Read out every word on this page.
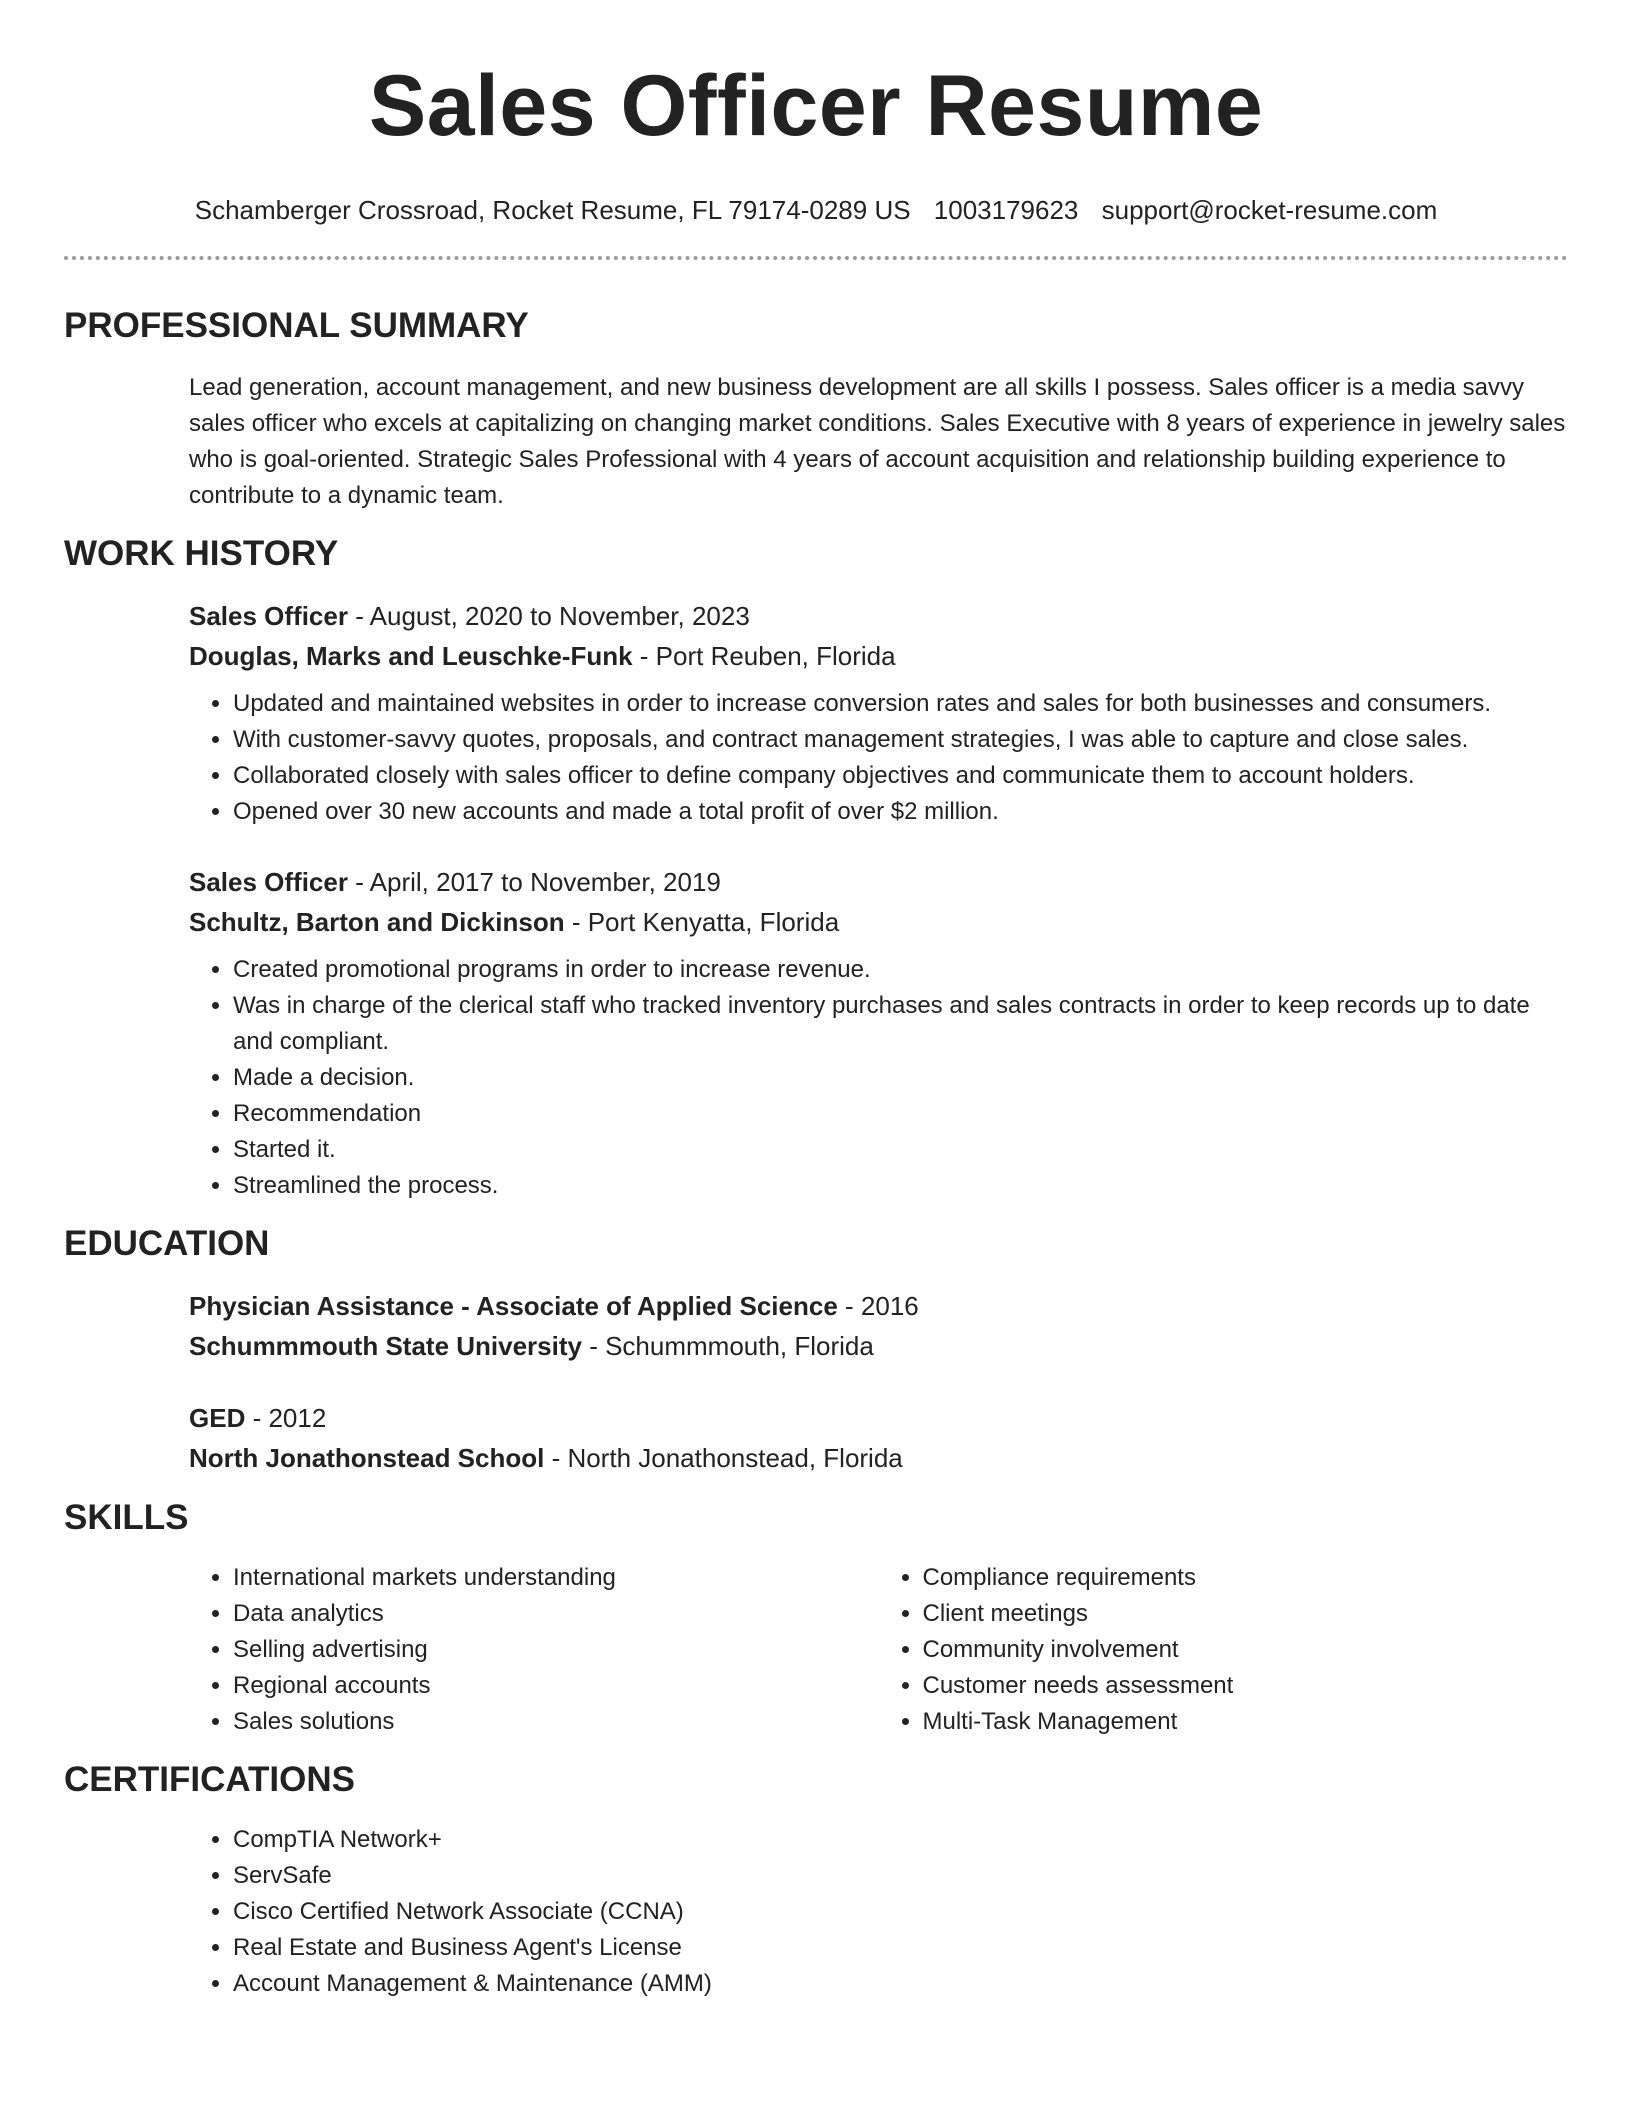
Sales Officer Resume
Schamberger Crossroad, Rocket Resume, FL 79174-0289 US 1003179623 support@rocket-resume.com
PROFESSIONAL SUMMARY
Lead generation, account management, and new business development are all skills I possess. Sales officer is a media savvy sales officer who excels at capitalizing on changing market conditions. Sales Executive with 8 years of experience in jewelry sales who is goal-oriented. Strategic Sales Professional with 4 years of account acquisition and relationship building experience to contribute to a dynamic team.
WORK HISTORY
Sales Officer - August, 2020 to November, 2023
Douglas, Marks and Leuschke-Funk - Port Reuben, Florida
• Updated and maintained websites in order to increase conversion rates and sales for both businesses and consumers.
• With customer-savvy quotes, proposals, and contract management strategies, I was able to capture and close sales.
• Collaborated closely with sales officer to define company objectives and communicate them to account holders.
• Opened over 30 new accounts and made a total profit of over $2 million.
Sales Officer - April, 2017 to November, 2019
Schultz, Barton and Dickinson - Port Kenyatta, Florida
• Created promotional programs in order to increase revenue.
• Was in charge of the clerical staff who tracked inventory purchases and sales contracts in order to keep records up to date and compliant.
• Made a decision.
• Recommendation
• Started it.
• Streamlined the process.
EDUCATION
Physician Assistance - Associate of Applied Science - 2016
Schummmouth State University - Schummmouth, Florida
GED - 2012
North Jonathonstead School - North Jonathonstead, Florida
SKILLS
• International markets understanding
• Data analytics
• Selling advertising
• Regional accounts
• Sales solutions
• Compliance requirements
• Client meetings
• Community involvement
• Customer needs assessment
• Multi-Task Management
CERTIFICATIONS
• CompTIA Network+
• ServSafe
• Cisco Certified Network Associate (CCNA)
• Real Estate and Business Agent's License
• Account Management & Maintenance (AMM)
